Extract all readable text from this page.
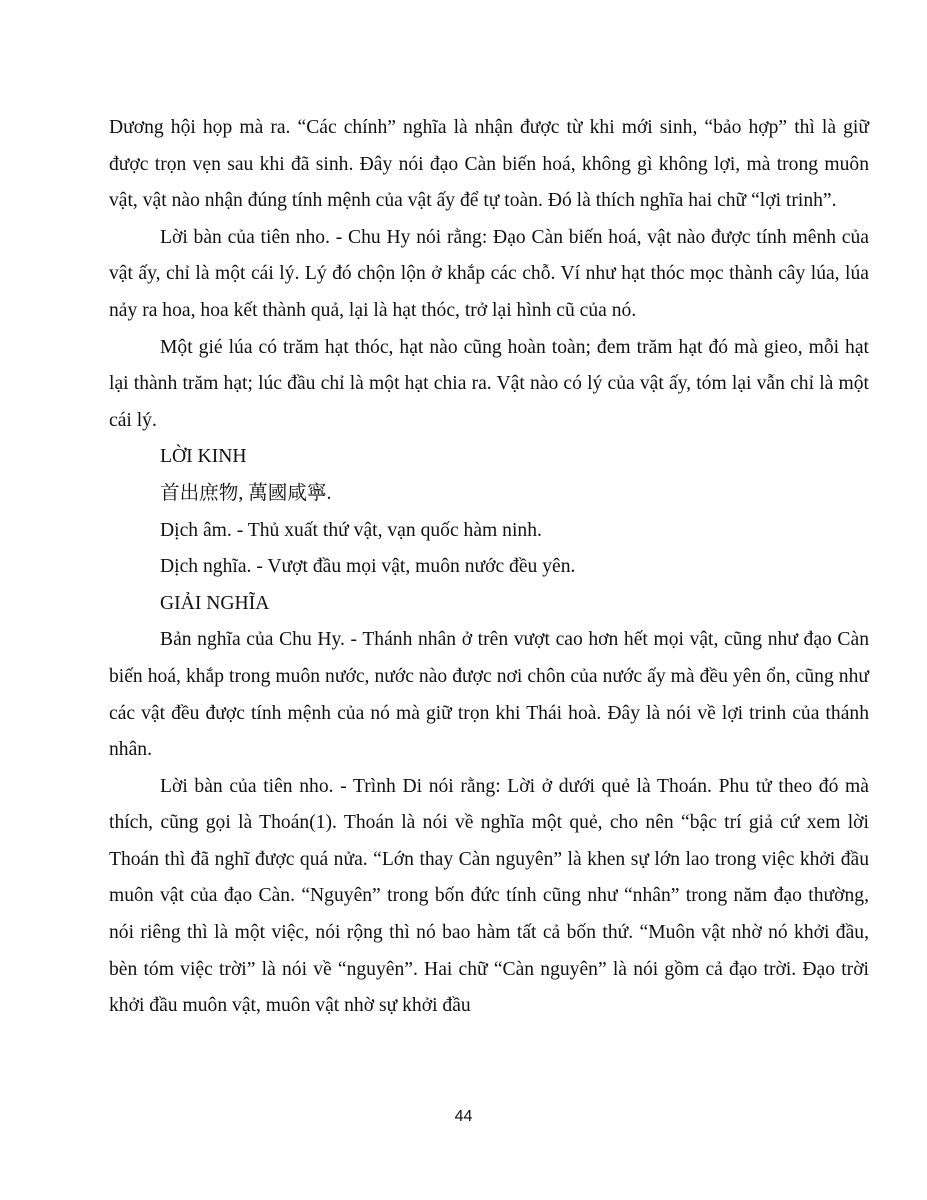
Dương hội họp mà ra. “Các chính” nghĩa là nhận được từ khi mới sinh, “bảo hợp” thì là giữ được trọn vẹn sau khi đã sinh. Đây nói đạo Càn biến hoá, không gì không lợi, mà trong muôn vật, vật nào nhận đúng tính mệnh của vật ấy để tự toàn. Đó là thích nghĩa hai chữ “lợi trinh”.

Lời bàn của tiên nho. - Chu Hy nói rằng: Đạo Càn biến hoá, vật nào được tính mênh của vật ấy, chỉ là một cái lý. Lý đó chộn lộn ở khắp các chỗ. Ví như hạt thóc mọc thành cây lúa, lúa nảy ra hoa, hoa kết thành quả, lại là hạt thóc, trở lại hình cũ của nó.

Một gié lúa có trăm hạt thóc, hạt nào cũng hoàn toàn; đem trăm hạt đó mà gieo, mỗi hạt lại thành trăm hạt; lúc đầu chỉ là một hạt chia ra. Vật nào có lý của vật ấy, tóm lại vẫn chỉ là một cái lý.

LỜI KINH

首出庶物, 萬國咸寧.

Dịch âm. - Thủ xuất thứ vật, vạn quốc hàm ninh.

Dịch nghĩa. - Vượt đầu mọi vật, muôn nước đều yên.

GIẢI NGHĨA

Bản nghĩa của Chu Hy. - Thánh nhân ở trên vượt cao hơn hết mọi vật, cũng như đạo Càn biến hoá, khắp trong muôn nước, nước nào được nơi chôn của nước ấy mà đều yên ổn, cũng như các vật đều được tính mệnh của nó mà giữ trọn khi Thái hoà. Đây là nói về lợi trinh của thánh nhân.

Lời bàn của tiên nho. - Trình Di nói rằng: Lời ở dưới quẻ là Thoán. Phu tử theo đó mà thích, cũng gọi là Thoán(1). Thoán là nói về nghĩa một quẻ, cho nên “bậc trí giả cứ xem lời Thoán thì đã nghĩ được quá nửa. “Lớn thay Càn nguyên” là khen sự lớn lao trong việc khởi đầu muôn vật của đạo Càn. “Nguyên” trong bốn đức tính cũng như “nhân” trong năm đạo thường, nói riêng thì là một việc, nói rộng thì nó bao hàm tất cả bốn thứ. “Muôn vật nhờ nó khởi đầu, bèn tóm việc trời” là nói về “nguyên”. Hai chữ “Càn nguyên” là nói gồm cả đạo trời. Đạo trời khởi đầu muôn vật, muôn vật nhờ sự khởi đầu

44
